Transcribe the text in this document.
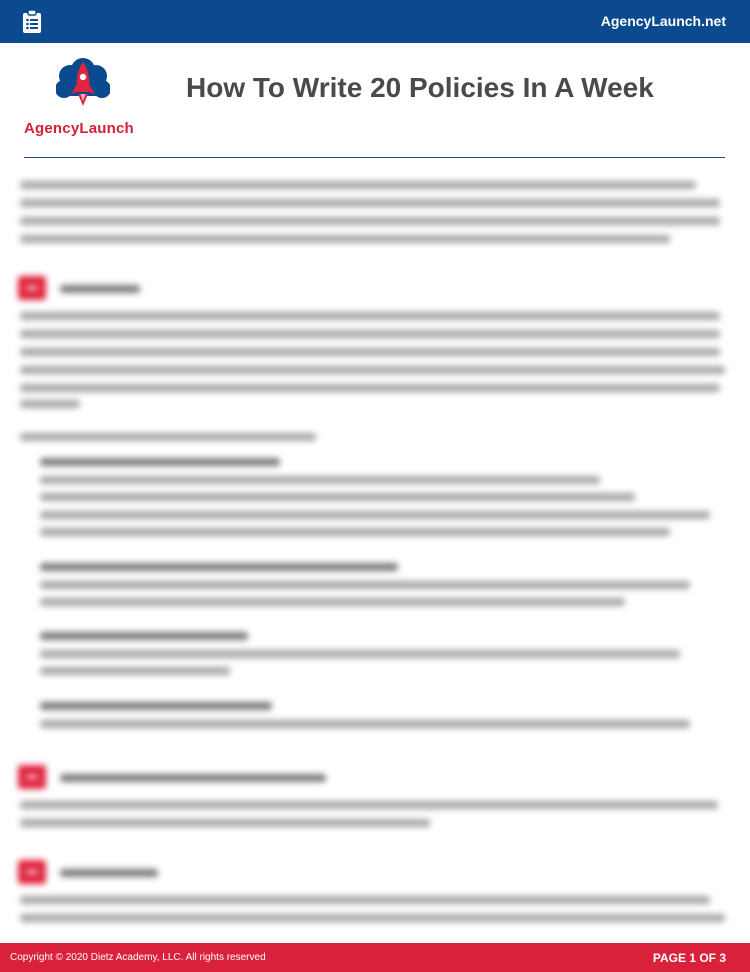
AgencyLaunch.net
AgencyLaunch
How To Write 20 Policies In A Week
Copyright © 2020 Dietz Academy, LLC. All rights reserved	PAGE 1 OF 3
